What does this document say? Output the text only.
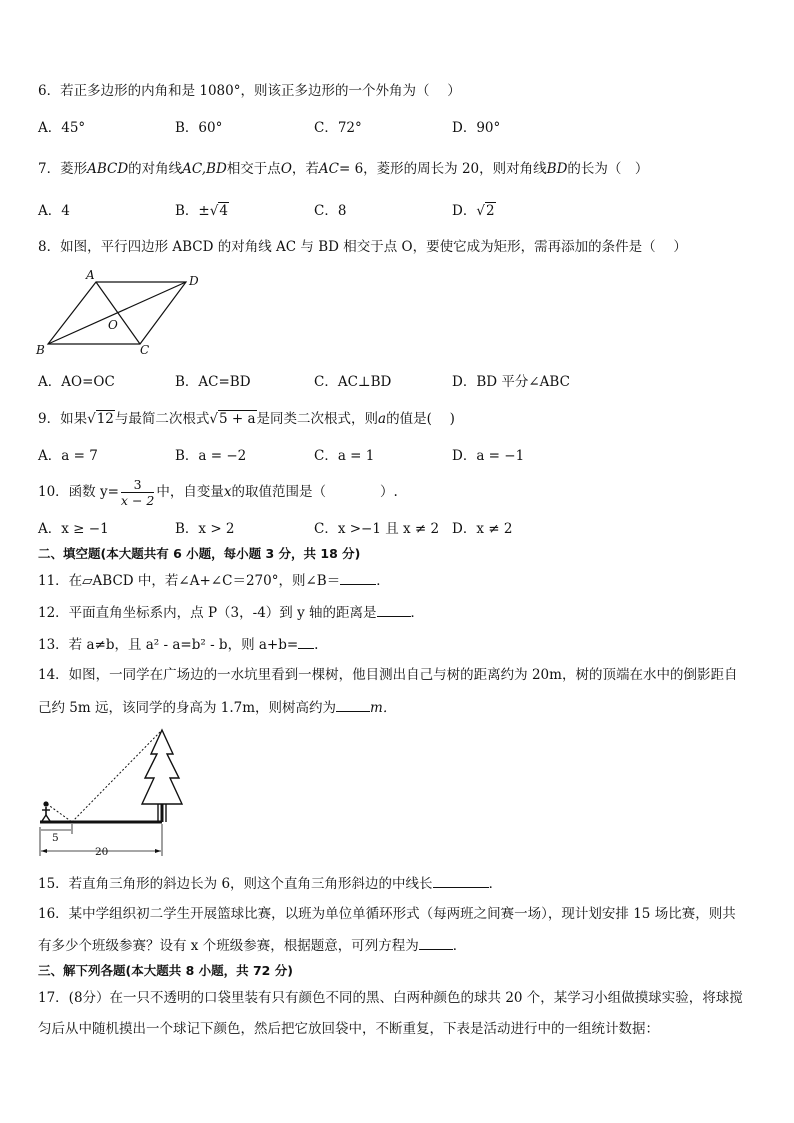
6．若正多边形的内角和是 1080°，则该正多边形的一个外角为（　 ）
A．45°	B．60°	C．72°	D．90°
7．菱形ABCD的对角线AC,BD相交于点O，若AC= 6，菱形的周长为 20，则对角线BD的长为（　）
A．4	B．±√4	C．8	D．√2
8．如图，平行四边形 ABCD 的对角线 AC 与 BD 相交于点 O，要使它成为矩形，需再添加的条件是（　 ）
A	D
B	C
O
A．AO=OC	B．AC=BD	C．AC⊥BD	D．BD 平分∠ABC
9．如果√12与最简二次根式√5 + a是同类二次根式，则a的值是(　 )
A．a = 7	B．a = −2	C．a = 1	D．a = −1
10．函数 $y= \frac{3}{x - 2}$ 中，自变量x的取值范围是（　　　　）.
A．x ≥ −1	B．x > 2	C．x >−1 且 x ≠ 2 D．x ≠ 2
二、填空题(本大题共有 6 小题，每小题 3 分，共 18 分)
11．在▱ABCD 中，若∠A+∠C＝270°，则∠B＝	．
12．平面直角坐标系内，点 P（3，-4）到 y 轴的距离是	．
13．若 a≠b，且 a² - a=b² - b，则 a+b= .
14．如图，一同学在广场边的一水坑里看到一棵树，他目测出自己与树的距离约为 20m，树的顶端在水中的倒影距自
己约 5m 远，该同学的身高为 1.7m，则树高约为	m．
5
20
15．若直角三角形的斜边长为 6，则这个直角三角形斜边的中线长	．
16．某中学组织初二学生开展篮球比赛，以班为单位单循环形式（每两班之间赛一场），现计划安排 15 场比赛，则共
有多少个班级参赛？设有 x 个班级参赛，根据题意，可列方程为	．
三、解下列各题(本大题共 8 小题，共 72 分)
17．(8分）在一只不透明的口袋里装有只有颜色不同的黑、白两种颜色的球共 20 个，某学习小组做摸球实验，将球搅
匀后从中随机摸出一个球记下颜色，然后把它放回袋中，不断重复，下表是活动进行中的一组统计数据：
